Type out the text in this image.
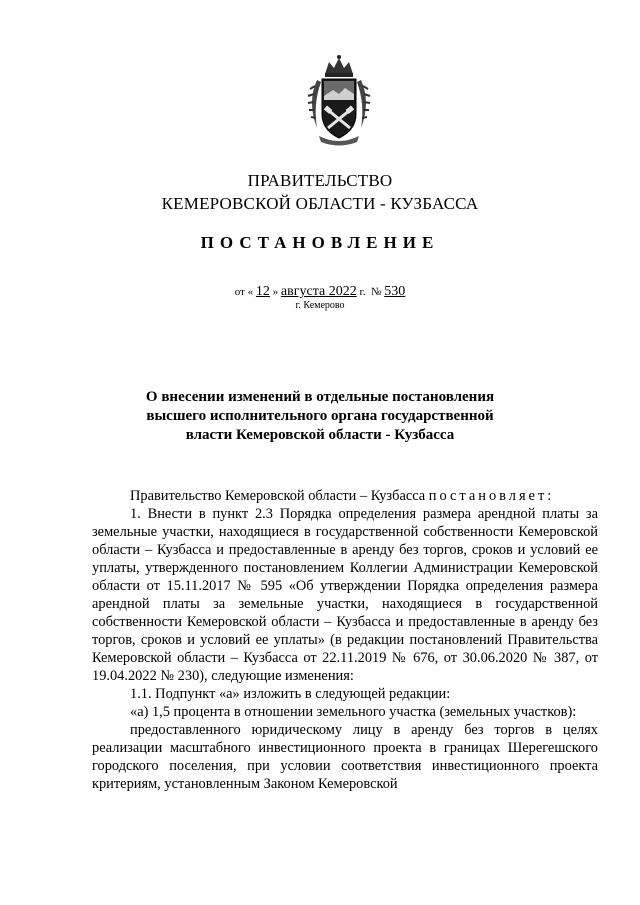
ПРАВИТЕЛЬСТВО
КЕМЕРОВСКОЙ ОБЛАСТИ - КУЗБАССА
ПОСТАНОВЛЕНИЕ
от « 12 » августа 2022 г. № 530
г. Кемерово
О внесении изменений в отдельные постановления
высшего исполнительного органа государственной
власти Кемеровской области - Кузбасса

Правительство Кемеровской области – Кузбасса постановляет:

1. Внести в пункт 2.3 Порядка определения размера арендной платы за земельные участки, находящиеся в государственной собственности Кемеровской области – Кузбасса и предоставленные в аренду без торгов, сроков и условий ее уплаты, утвержденного постановлением Коллегии Администрации Кемеровской области от 15.11.2017 № 595 «Об утверждении Порядка определения размера арендной платы за земельные участки, находящиеся в государственной собственности Кемеровской области – Кузбасса и предоставленные в аренду без торгов, сроков и условий ее уплаты» (в редакции постановлений Правительства Кемеровской области – Кузбасса от 22.11.2019 № 676, от 30.06.2020 № 387, от 19.04.2022 № 230), следующие изменения:

1.1. Подпункт «а» изложить в следующей редакции:

«а) 1,5 процента в отношении земельного участка (земельных участков):

предоставленного юридическому лицу в аренду без торгов в целях реализации масштабного инвестиционного проекта в границах Шерегешского городского поселения, при условии соответствия инвестиционного проекта критериям, установленным Законом Кемеровской
